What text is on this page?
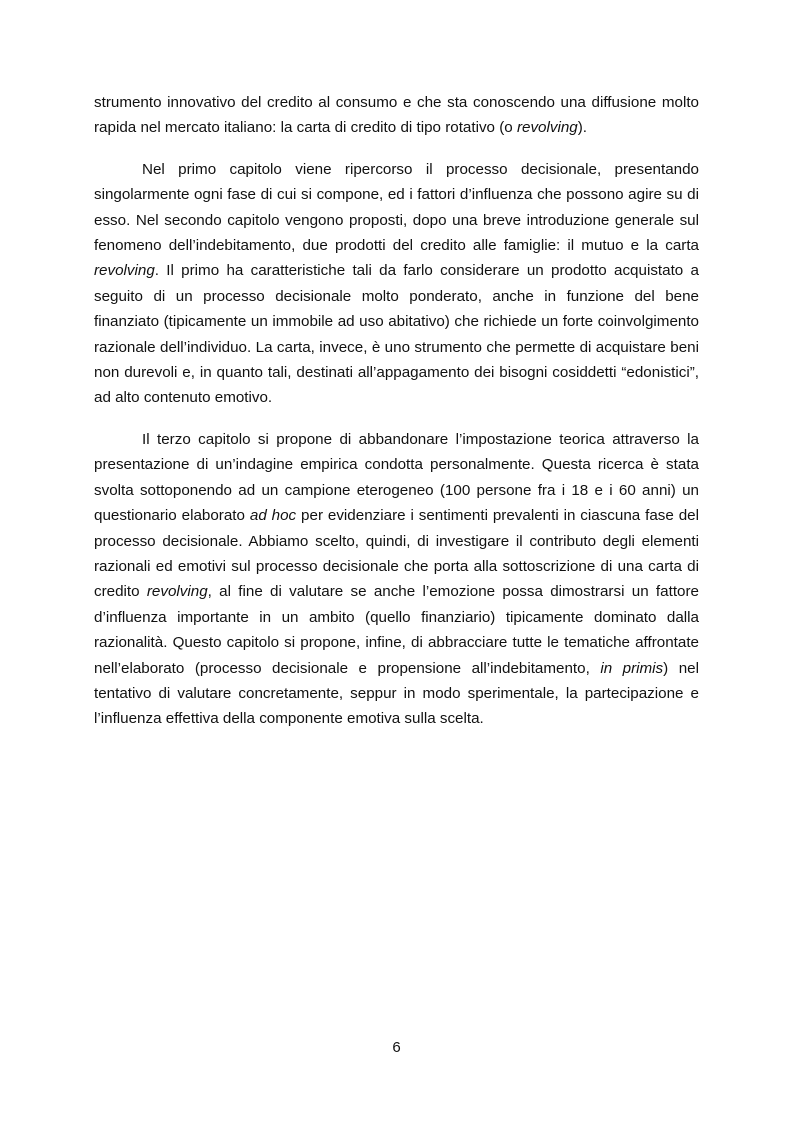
strumento innovativo del credito al consumo e che sta conoscendo una diffusione molto rapida nel mercato italiano: la carta di credito di tipo rotativo (o revolving).

Nel primo capitolo viene ripercorso il processo decisionale, presentando singolarmente ogni fase di cui si compone, ed i fattori d’influenza che possono agire su di esso. Nel secondo capitolo vengono proposti, dopo una breve introduzione generale sul fenomeno dell’indebitamento, due prodotti del credito alle famiglie: il mutuo e la carta revolving. Il primo ha caratteristiche tali da farlo considerare un prodotto acquistato a seguito di un processo decisionale molto ponderato, anche in funzione del bene finanziato (tipicamente un immobile ad uso abitativo) che richiede un forte coinvolgimento razionale dell’individuo. La carta, invece, è uno strumento che permette di acquistare beni non durevoli e, in quanto tali, destinati all’appagamento dei bisogni cosiddetti “edonistici”, ad alto contenuto emotivo.

Il terzo capitolo si propone di abbandonare l’impostazione teorica attraverso la presentazione di un’indagine empirica condotta personalmente. Questa ricerca è stata svolta sottoponendo ad un campione eterogeneo (100 persone fra i 18 e i 60 anni) un questionario elaborato ad hoc per evidenziare i sentimenti prevalenti in ciascuna fase del processo decisionale. Abbiamo scelto, quindi, di investigare il contributo degli elementi razionali ed emotivi sul processo decisionale che porta alla sottoscrizione di una carta di credito revolving, al fine di valutare se anche l’emozione possa dimostrarsi un fattore d’influenza importante in un ambito (quello finanziario) tipicamente dominato dalla razionalità. Questo capitolo si propone, infine, di abbracciare tutte le tematiche affrontate nell’elaborato (processo decisionale e propensione all’indebitamento, in primis) nel tentativo di valutare concretamente, seppur in modo sperimentale, la partecipazione e l’influenza effettiva della componente emotiva sulla scelta.

6
